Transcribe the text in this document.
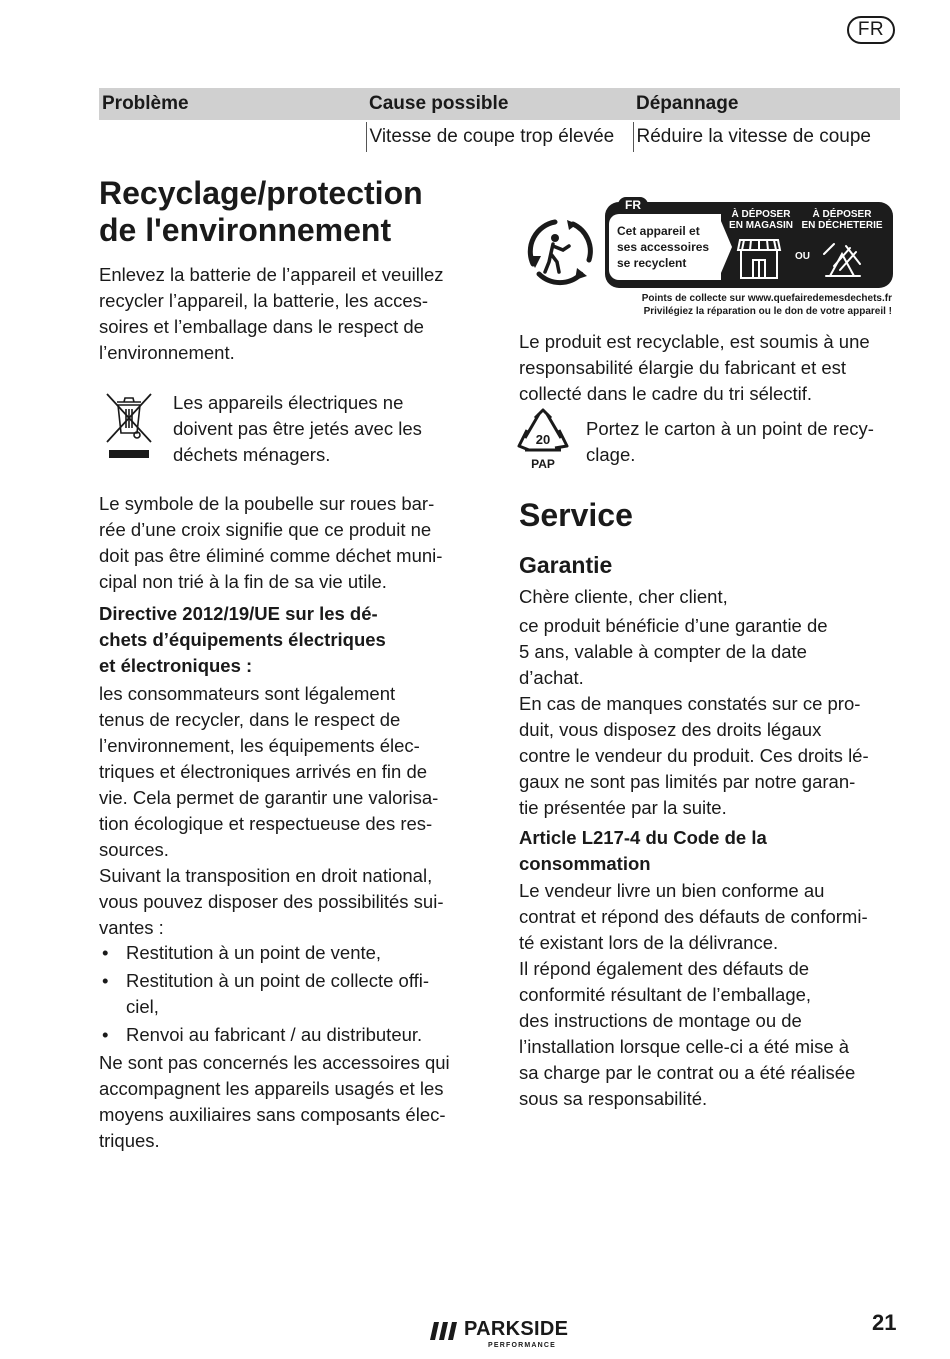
FR
Problème	Cause possible	Dépannage
	Vitesse de coupe trop élevée	Réduire la vitesse de coupe
Recyclage/protection
de l'environnement

Enlevez la batterie de l’appareil et veuillez

recycler l’appareil, la batterie, les acces-

soires et l’emballage dans le respect de

l’environnement.

Les appareils électriques ne

doivent pas être jetés avec les

déchets ménagers.

Le symbole de la poubelle sur roues bar-

rée d’une croix signifie que ce produit ne

doit pas être éliminé comme déchet muni-

cipal non trié à la fin de sa vie utile.

Directive 2012/19/UE sur les dé-
chets d’équipements électriques
et électroniques :

les consommateurs sont légalement

tenus de recycler, dans le respect de

l’environnement, les équipements élec-

triques et électroniques arrivés en fin de

vie. Cela permet de garantir une valorisa-

tion écologique et respectueuse des res-

sources.

Suivant la transposition en droit national,

vous pouvez disposer des possibilités sui-

vantes :

• Restitution à un point de vente,
• Restitution à un point de collecte offi-
ciel,
• Renvoi au fabricant / au distributeur.

Ne sont pas concernés les accessoires qui

accompagnent les appareils usagés et les

moyens auxiliaires sans composants élec-

triques.

FR
Cet appareil et
ses accessoires
se recyclent
À DÉPOSER
EN MAGASIN
À DÉPOSER
EN DÉCHETERIE
OU
Points de collecte sur www.quefairedemesdechets.fr
Privilégiez la réparation ou le don de votre appareil !

Le produit est recyclable, est soumis à une

responsabilité élargie du fabricant et est

collecté dans le cadre du tri sélectif.

20
PAP

Portez le carton à un point de recy-

clage.

Service
Garantie
Chère cliente, cher client,

ce produit bénéficie d’une garantie de

5 ans, valable à compter de la date

d’achat.

En cas de manques constatés sur ce pro-

duit, vous disposez des droits légaux

contre le vendeur du produit. Ces droits lé-

gaux ne sont pas limités par notre garan-

tie présentée par la suite.

Article L217-4 du Code de la
consommation

Le vendeur livre un bien conforme au

contrat et répond des défauts de conformi-

té existant lors de la délivrance.

Il répond également des défauts de

conformité résultant de l’emballage,

des instructions de montage ou de

l’installation lorsque celle-ci a été mise à

sa charge par le contrat ou a été réalisée

sous sa responsabilité.

PARKSIDE
PERFORMANCE
21
